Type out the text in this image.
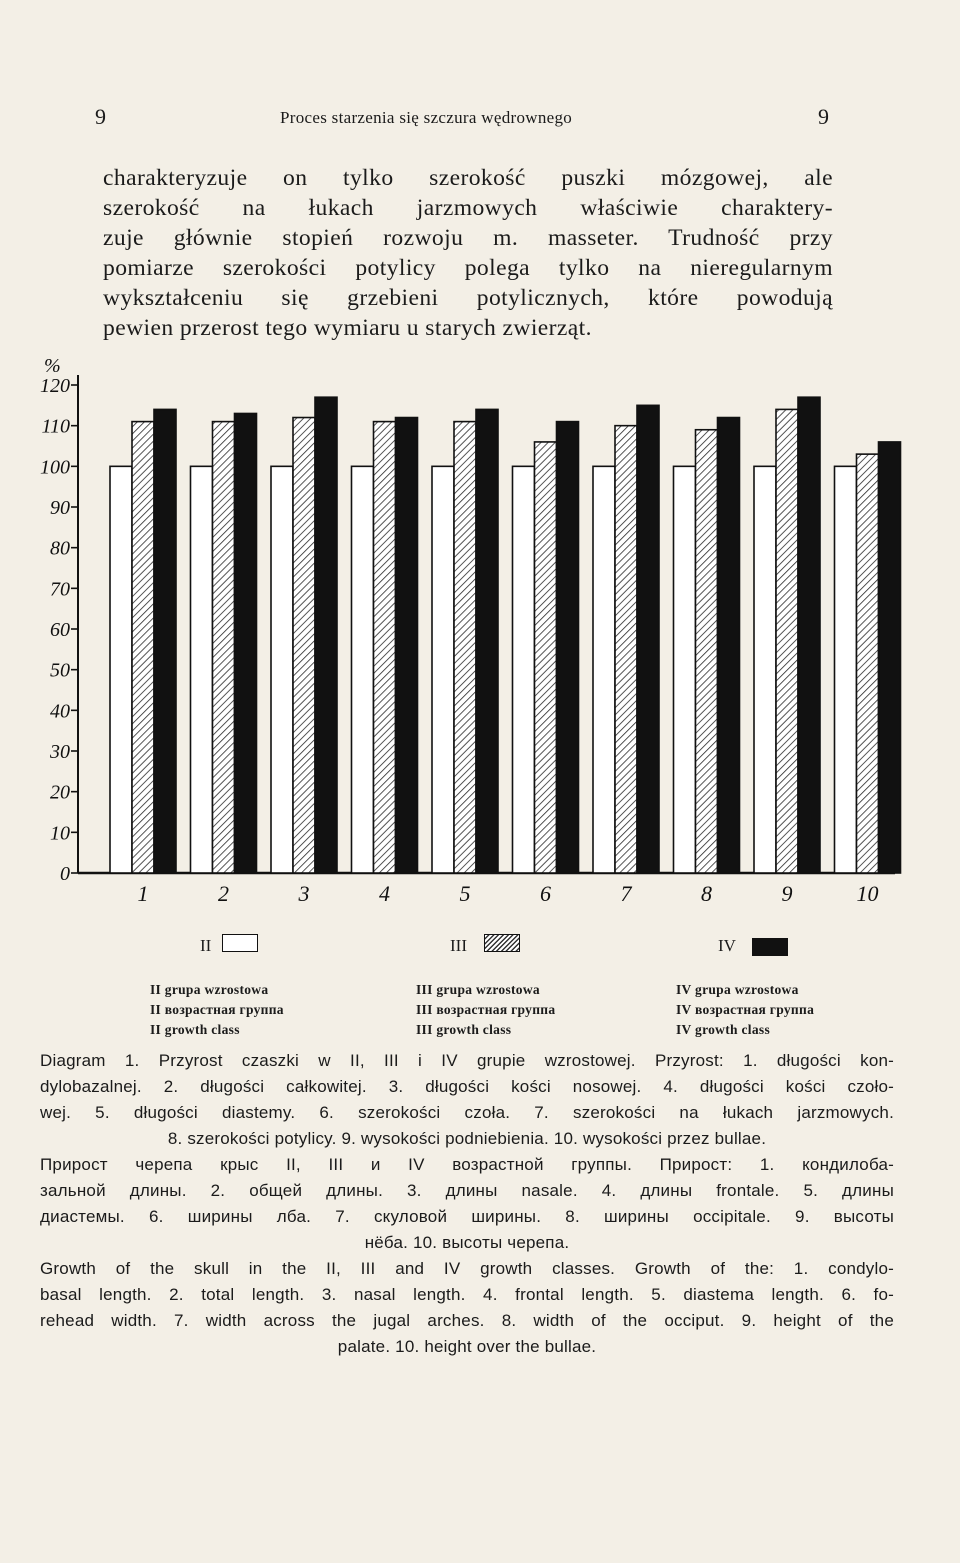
9	Proces starzenia się szczura wędrownego	9
charakteryzuje on tylko szerokość puszki mózgowej, ale
szerokość na łukach jarzmowych właściwie charaktery-
zuje głównie stopień rozwoju m. masseter. Trudność przy
pomiarze szerokości potylicy polega tylko na nieregularnym
wykształceniu się grzebieni potylicznych, które powodują
pewien przerost tego wymiaru u starych zwierząt.
%
0
10
20
30
40
50
60
70
80
90
100
110
120
1	2	3	4	5	6	7	8	9	10
II	III	IV
II grupa wzrostowa
II возрастная группа
II growth class
III grupa wzrostowa
III возрастная группа
III growth class
IV grupa wzrostowa
IV возрастная группа
IV growth class
Diagram 1. Przyrost czaszki w II, III i IV grupie wzrostowej. Przyrost: 1. długości kon-
dylobazalnej. 2. długości całkowitej. 3. długości kości nosowej. 4. długości kości czoło-
wej. 5. długości diastemy. 6. szerokości czoła. 7. szerokości na łukach jarzmowych.
8. szerokości potylicy. 9. wysokości podniebienia. 10. wysokości przez bullae.
Прирост черепа крыс II, III и IV возрастной группы. Прирост: 1. кондилоба-
зальной длины. 2. общей длины. 3. длины nasale. 4. длины frontale. 5. длины
диастемы. 6. ширины лба. 7. скуловой ширины. 8. ширины occipitale. 9. высоты
нёба. 10. высоты черепа.
Growth of the skull in the II, III and IV growth classes. Growth of the: 1. condylo-
basal length. 2. total length. 3. nasal length. 4. frontal length. 5. diastema length. 6. fo-
rehead width. 7. width across the jugal arches. 8. width of the occiput. 9. height of the
palate. 10. height over the bullae.
